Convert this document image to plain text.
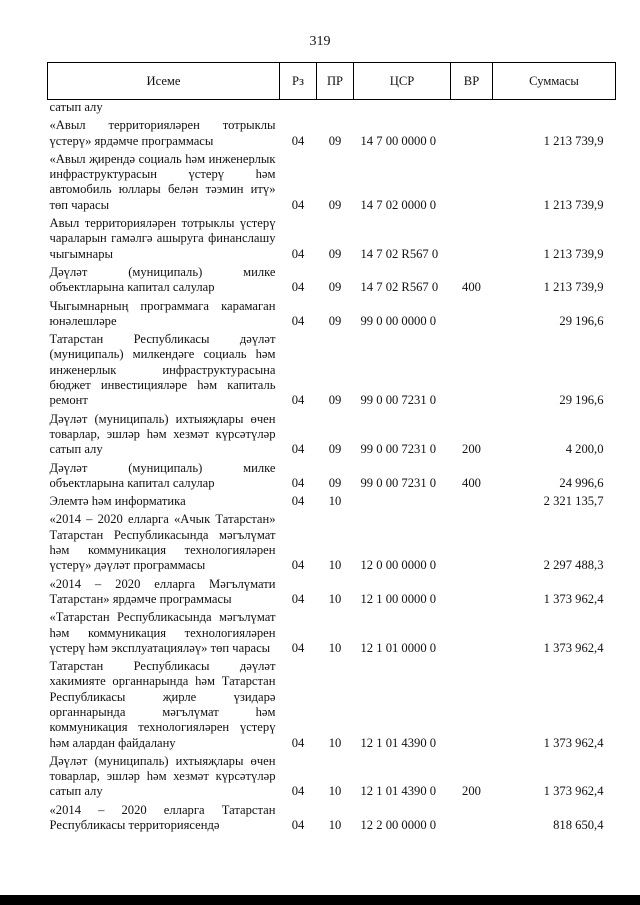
319
Исеме	Рз	ПР	ЦСР	ВР	Суммасы
сатып алу					
«Авыл территорияләрен тотрыклы үстерү» ярдәмче программасы	04	09	14 7 00 0000 0		1 213 739,9
«Авыл җирендә социаль һәм инженерлык инфраструктурасын үстерү һәм автомобиль юллары белән тәэмин итү» төп чарасы	04	09	14 7 02 0000 0		1 213 739,9
Авыл территорияләрен тотрыклы үстерү чараларын гамәлгә ашыруга финанслашу чыгымнары	04	09	14 7 02 R567 0		1 213 739,9
Дәүләт (муниципаль) милке объектларына капитал салулар	04	09	14 7 02 R567 0	400	1 213 739,9
Чыгымнарның программага карамаган юнәлешләре	04	09	99 0 00 0000 0		29 196,6
Татарстан Республикасы дәүләт (муниципаль) милкендәге социаль һәм инженерлык инфраструктурасына бюджет инвестицияләре һәм капиталь ремонт	04	09	99 0 00 7231 0		29 196,6
Дәүләт (муниципаль) ихтыяҗлары өчен товарлар, эшләр һәм хезмәт күрсәтүләр сатып алу	04	09	99 0 00 7231 0	200	4 200,0
Дәүләт (муниципаль) милке объектларына капитал салулар	04	09	99 0 00 7231 0	400	24 996,6
Элемтә һәм информатика	04	10			2 321 135,7
«2014 – 2020 елларга «Ачык Татарстан» Татарстан Республикасында мәгълүмат һәм коммуникация технологияләрен үстерү» дәүләт программасы	04	10	12 0 00 0000 0		2 297 488,3
«2014 – 2020 елларга Мәгълүмати Татарстан» ярдәмче программасы	04	10	12 1 00 0000 0		1 373 962,4
«Татарстан Республикасында мәгълүмат һәм коммуникация технологияләрен үстерү һәм эксплуатацияләү» төп чарасы	04	10	12 1 01 0000 0		1 373 962,4
Татарстан Республикасы дәүләт хакимияте органнарында һәм Татарстан Республикасы җирле үзидарә органнарында мәгълүмат һәм коммуникация технологияләрен үстерү һәм алардан файдалану	04	10	12 1 01 4390 0		1 373 962,4
Дәүләт (муниципаль) ихтыяҗлары өчен товарлар, эшләр һәм хезмәт күрсәтүләр сатып алу	04	10	12 1 01 4390 0	200	1 373 962,4
«2014 – 2020 елларга Татарстан Республикасы территориясендә	04	10	12 2 00 0000 0		818 650,4
